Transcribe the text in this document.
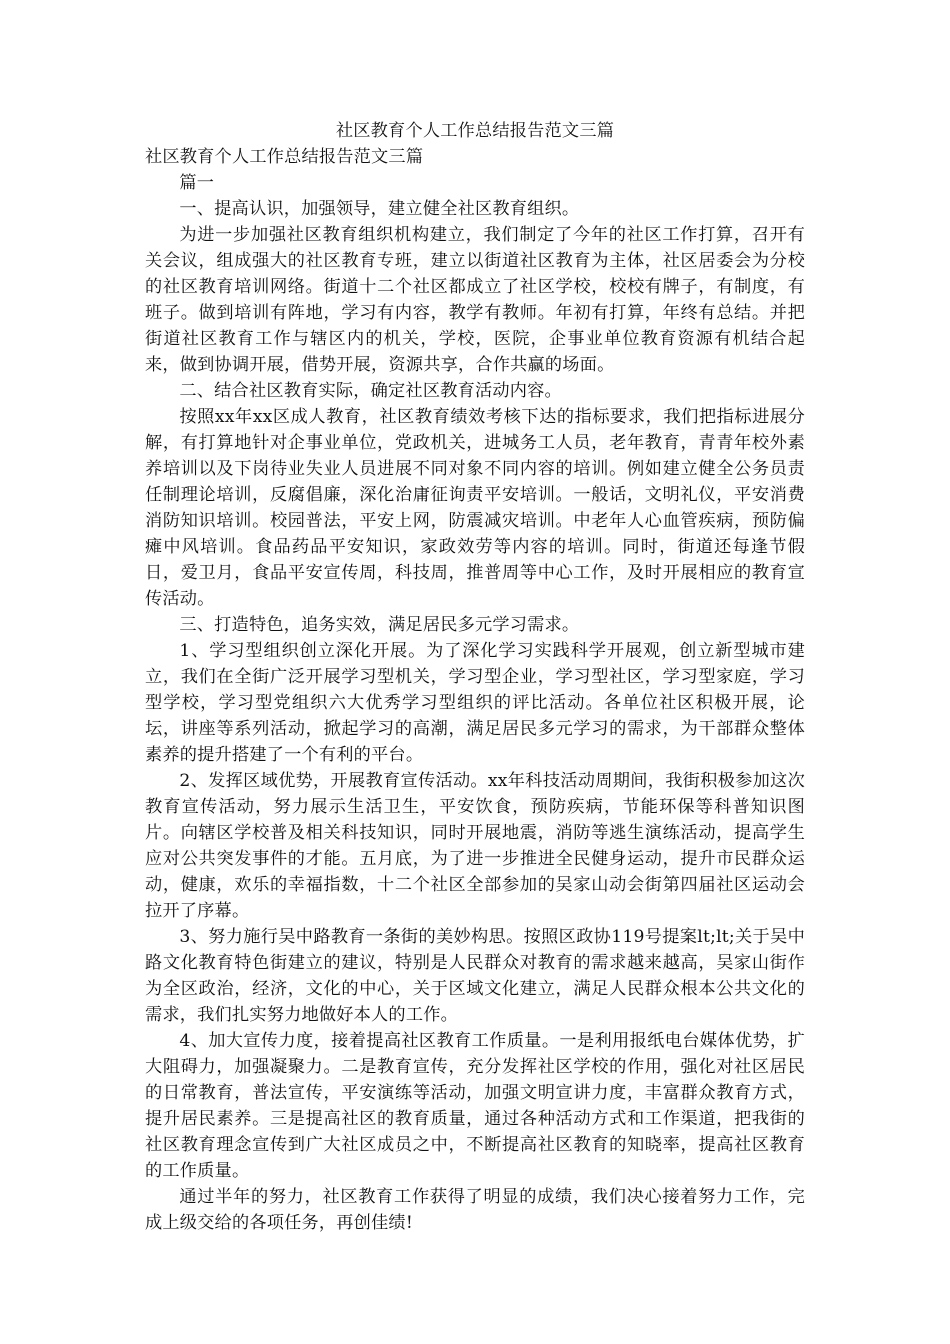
社区教育个人工作总结报告范文三篇

社区教育个人工作总结报告范文三篇

篇一

一、提高认识，加强领导，建立健全社区教育组织。

为进一步加强社区教育组织机构建立，我们制定了今年的社区工作打算，召开有关会议，组成强大的社区教育专班，建立以街道社区教育为主体，社区居委会为分校的社区教育培训网络。街道十二个社区都成立了社区学校，校校有牌子，有制度，有班子。做到培训有阵地，学习有内容，教学有教师。年初有打算，年终有总结。并把街道社区教育工作与辖区内的机关，学校，医院，企事业单位教育资源有机结合起来，做到协调开展，借势开展，资源共享，合作共赢的场面。

二、结合社区教育实际，确定社区教育活动内容。

按照xx年xx区成人教育，社区教育绩效考核下达的指标要求，我们把指标进展分解，有打算地针对企事业单位，党政机关，进城务工人员，老年教育，青青年校外素养培训以及下岗待业失业人员进展不同对象不同内容的培训。例如建立健全公务员责任制理论培训，反腐倡廉，深化治庸征询责平安培训。一般话，文明礼仪，平安消费消防知识培训。校园普法，平安上网，防震减灾培训。中老年人心血管疾病，预防偏瘫中风培训。食品药品平安知识，家政效劳等内容的培训。同时，街道还每逢节假日，爱卫月，食品平安宣传周，科技周，推普周等中心工作，及时开展相应的教育宣传活动。

三、打造特色，追务实效，满足居民多元学习需求。

1、学习型组织创立深化开展。为了深化学习实践科学开展观，创立新型城市建立，我们在全街广泛开展学习型机关，学习型企业，学习型社区，学习型家庭，学习型学校，学习型党组织六大优秀学习型组织的评比活动。各单位社区积极开展，论坛，讲座等系列活动，掀起学习的高潮，满足居民多元学习的需求，为干部群众整体素养的提升搭建了一个有利的平台。

2、发挥区域优势，开展教育宣传活动。xx年科技活动周期间，我街积极参加这次教育宣传活动，努力展示生活卫生，平安饮食，预防疾病，节能环保等科普知识图片。向辖区学校普及相关科技知识，同时开展地震，消防等逃生演练活动，提高学生应对公共突发事件的才能。五月底，为了进一步推进全民健身运动，提升市民群众运动，健康，欢乐的幸福指数，十二个社区全部参加的吴家山动会街第四届社区运动会拉开了序幕。

3、努力施行吴中路教育一条街的美妙构思。按照区政协119号提案lt;lt;关于吴中路文化教育特色街建立的建议，特别是人民群众对教育的需求越来越高，吴家山街作为全区政治，经济，文化的中心，关于区域文化建立，满足人民群众根本公共文化的需求，我们扎实努力地做好本人的工作。

4、加大宣传力度，接着提高社区教育工作质量。一是利用报纸电台媒体优势，扩大阻碍力，加强凝聚力。二是教育宣传，充分发挥社区学校的作用，强化对社区居民的日常教育，普法宣传，平安演练等活动，加强文明宣讲力度，丰富群众教育方式，提升居民素养。三是提高社区的教育质量，通过各种活动方式和工作渠道，把我街的社区教育理念宣传到广大社区成员之中，不断提高社区教育的知晓率，提高社区教育的工作质量。

通过半年的努力，社区教育工作获得了明显的成绩，我们决心接着努力工作，完成上级交给的各项任务，再创佳绩!
